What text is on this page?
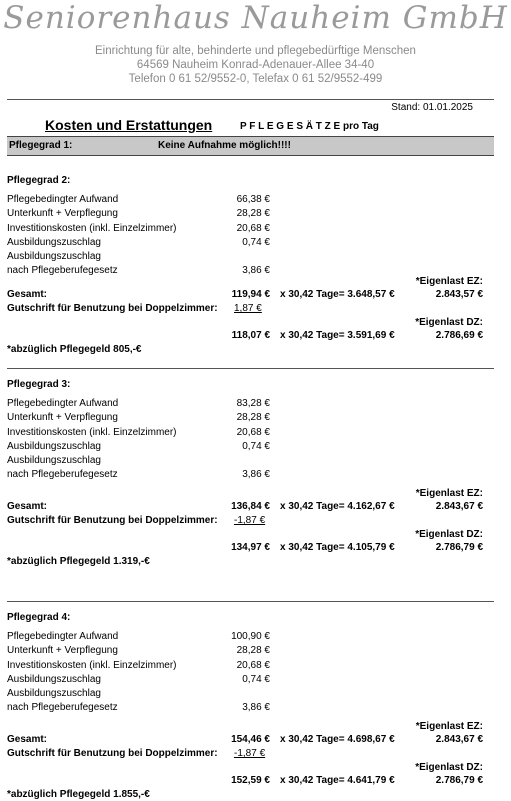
Seniorenhaus Nauheim GmbH
Einrichtung für alte, behinderte und pflegebedürftige Menschen
64569 Nauheim Konrad-Adenauer-Allee 34-40
Telefon 0 61 52/9552-0, Telefax 0 61 52/9552-499
Stand: 01.01.2025
Kosten und Erstattungen	P F L E G E S Ä T Z E pro Tag
Pflegegrad 1:	Keine Aufnahme möglich!!!!
Pflegegrad 2:
Pflegebedingter Aufwand	66,38 €
Unterkunft + Verpflegung	28,28 €
Investitionskosten (inkl. Einzelzimmer)	20,68 €
Ausbildungszuschlag	0,74 €
Ausbildungszuschlag
nach Pflegeberufegesetz	3,86 €
*Eigenlast EZ:
Gesamt:	119,94 € x 30,42 Tage= 3.648,57 €	2.843,57 €
Gutschrift für Benutzung bei Doppelzimmer: 1,87 €
*Eigenlast DZ:
118,07 € x 30,42 Tage= 3.591,69 €	2.786,69 €
*abzüglich Pflegegeld 805,-€
Pflegegrad 3:
Pflegebedingter Aufwand	83,28 €
Unterkunft + Verpflegung	28,28 €
Investitionskosten (inkl. Einzelzimmer)	20,68 €
Ausbildungszuschlag	0,74 €
Ausbildungszuschlag
nach Pflegeberufegesetz	3,86 €
*Eigenlast EZ:
Gesamt:	136,84 € x 30,42 Tage= 4.162,67 €	2.843,67 €
Gutschrift für Benutzung bei Doppelzimmer: -1,87 €
*Eigenlast DZ:
134,97 € x 30,42 Tage= 4.105,79 €	2.786,79 €
*abzüglich Pflegegeld 1.319,-€
Pflegegrad 4:
Pflegebedingter Aufwand	100,90 €
Unterkunft + Verpflegung	28,28 €
Investitionskosten (inkl. Einzelzimmer)	20,68 €
Ausbildungszuschlag	0,74 €
Ausbildungszuschlag
nach Pflegeberufegesetz	3,86 €
*Eigenlast EZ:
Gesamt:	154,46 € x 30,42 Tage= 4.698,67 €	2.843,67 €
Gutschrift für Benutzung bei Doppelzimmer: -1,87 €
*Eigenlast DZ:
152,59 € x 30,42 Tage= 4.641,79 €	2.786,79 €
*abzüglich Pflegegeld 1.855,-€
